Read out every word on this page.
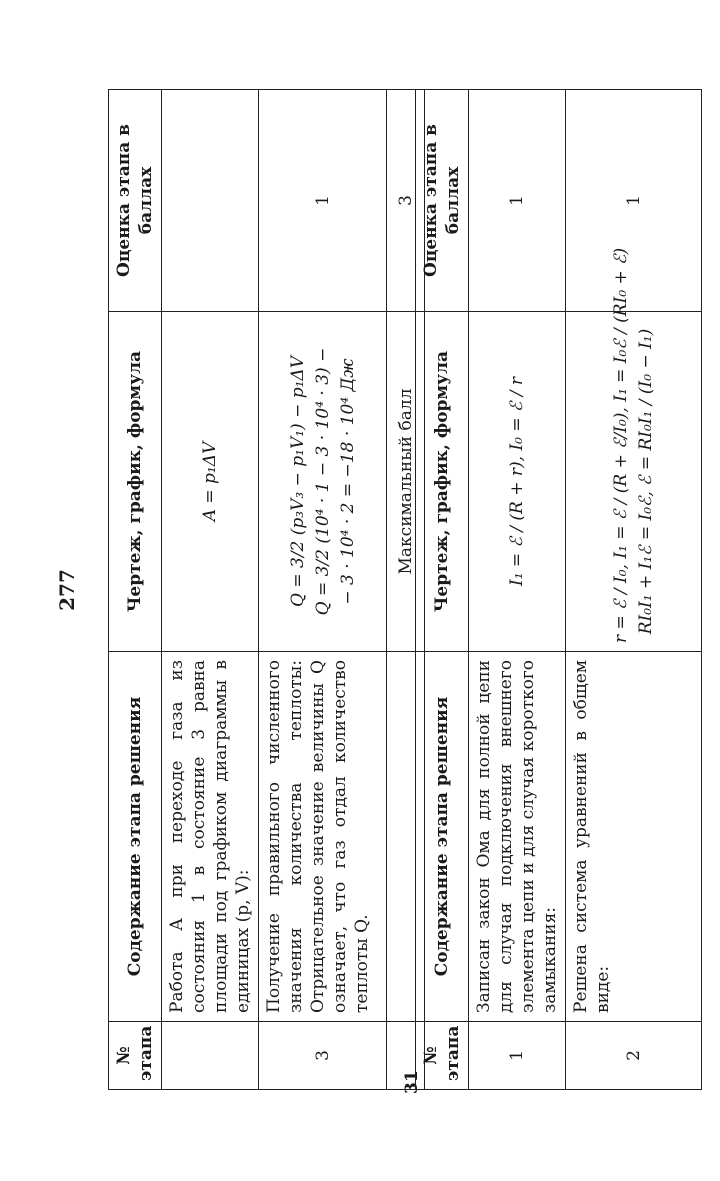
277
№ этапа	Содержание этапа решения	Чертеж, график, формула	Оценка этапа в баллах
	Работа A при переходе газа из состояния 1 в состояние 3 равна площади под графиком диаграммы в единицах (p, V):	A = p₁ΔV	

3	Получение правильного численного значения количества теплоты: Отрицательное значение величины Q означает, что газ отдал количество теплоты Q.	Q = 3/2 (p₃V₃ − p₁V₁) − p₁ΔV Q = 3/2 (10⁴ · 1 − 3 · 10⁴ · 3) − − 3 · 10⁴ · 2 = −18 · 10⁴ Дж	1
		Максимальный балл	3
31
№ этапа	Содержание этапа решения	Чертеж, график, формула	Оценка этапа в баллах
1	Записан закон Ома для полной цепи для случая подключения внешнего элемента цепи и для случая короткого замыкания:	I₁ = ℰ / (R + r), I₀ = ℰ / r	1
2	Решена система уравнений в общем виде:	r = ℰ / I₀, I₁ = ℰ / (R + ℰ/I₀), I₁ = I₀ℰ / (RI₀ + ℰ) RI₀I₁ + I₁ℰ = I₀ℰ, ℰ = RI₀I₁ / (I₀ − I₁)	1
